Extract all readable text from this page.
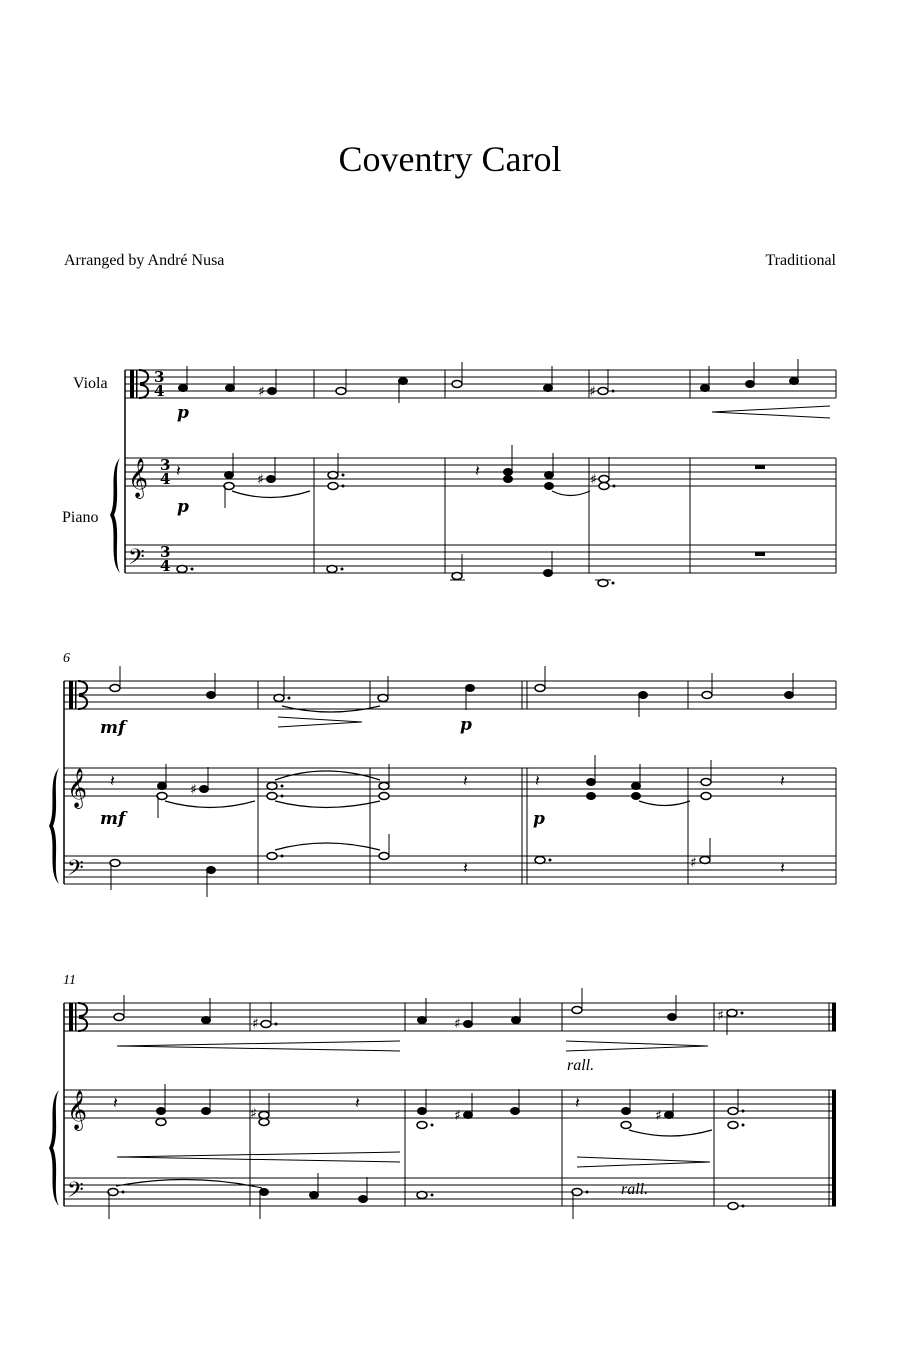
Coventry Carol
Arranged by André Nusa	Traditional
Viola
Piano
𝄞
𝄢
3
4
3
4
3
4
♯	♯
p
𝄽	♯	𝄽	♯
p
6
𝄞
𝄢
mf	p
𝄽	♯	𝄽	𝄽	𝄽
mf	p
𝄽	♯	𝄽
11
𝄞
𝄢
♯	♯	♯
rall.
𝄽
♯
𝄽
♯
𝄽
♯
rall.
